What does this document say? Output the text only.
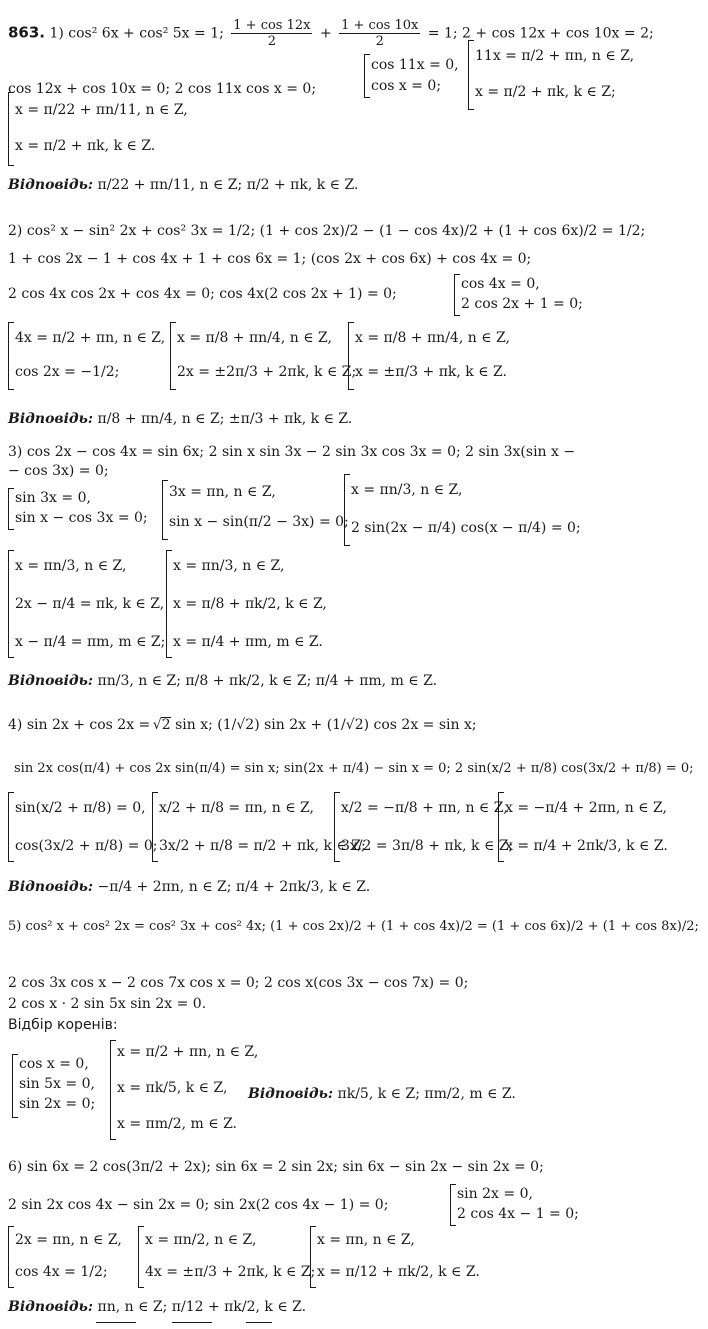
863. 1) cos² 6x + cos² 5x = 1; $\frac{1 + \cos 12x}{2} + \frac{1 + \cos 10x}{2} = 1$; 2 + cos 12x + cos 10x = 2;
cos 12x + cos 10x = 0; 2 cos 11x cos x = 0;
cos 11x = 0,
cos x = 0;
11x = π/2 + πn, n ∈ Z,
x = π/2 + πk, k ∈ Z;
x = π/22 + πn/11, n ∈ Z,
x = π/2 + πk, k ∈ Z.
Відповідь: π/22 + πn/11, n ∈ Z; π/2 + πk, k ∈ Z.
2) cos² x − sin² 2x + cos² 3x = 1/2; (1 + cos 2x)/2 − (1 − cos 4x)/2 + (1 + cos 6x)/2 = 1/2;
1 + cos 2x − 1 + cos 4x + 1 + cos 6x = 1; (cos 2x + cos 6x) + cos 4x = 0;
2 cos 4x cos 2x + cos 4x = 0; cos 4x(2 cos 2x + 1) = 0;
cos 4x = 0,
2 cos 2x + 1 = 0;
4x = π/2 + πn, n ∈ Z,
cos 2x = −1/2;
x = π/8 + πn/4, n ∈ Z,
2x = ±2π/3 + 2πk, k ∈ Z;
x = π/8 + πn/4, n ∈ Z,
x = ±π/3 + πk, k ∈ Z.
Відповідь: π/8 + πn/4, n ∈ Z; ±π/3 + πk, k ∈ Z.
3) cos 2x − cos 4x = sin 6x; 2 sin x sin 3x − 2 sin 3x cos 3x = 0; 2 sin 3x(sin x −
− cos 3x) = 0;
sin 3x = 0,
sin x − cos 3x = 0;
3x = πn, n ∈ Z,
sin x − sin(π/2 − 3x) = 0;
x = πn/3, n ∈ Z,
2 sin(2x − π/4) cos(x − π/4) = 0;
x = πn/3, n ∈ Z,
2x − π/4 = πk, k ∈ Z,
x − π/4 = πm, m ∈ Z;
x = πn/3, n ∈ Z,
x = π/8 + πk/2, k ∈ Z,
x = π/4 + πm, m ∈ Z.
Відповідь: πn/3, n ∈ Z; π/8 + πk/2, k ∈ Z; π/4 + πm, m ∈ Z.
4) sin 2x + cos 2x = √ 2 sin x; (1/√2) sin 2x + (1/√2) cos 2x = sin x;
sin 2x cos(π/4) + cos 2x sin(π/4) = sin x; sin(2x + π/4) − sin x = 0; 2 sin(x/2 + π/8) cos(3x/2 + π/8) = 0;
sin(x/2 + π/8) = 0,
cos(3x/2 + π/8) = 0;
x/2 + π/8 = πn, n ∈ Z,
3x/2 + π/8 = π/2 + πk, k ∈ Z;
x/2 = −π/8 + πn, n ∈ Z,
3x/2 = 3π/8 + πk, k ∈ Z;
x = −π/4 + 2πn, n ∈ Z,
x = π/4 + 2πk/3, k ∈ Z.
Відповідь: −π/4 + 2πn, n ∈ Z; π/4 + 2πk/3, k ∈ Z.
5) cos² x + cos² 2x = cos² 3x + cos² 4x; (1 + cos 2x)/2 + (1 + cos 4x)/2 = (1 + cos 6x)/2 + (1 + cos 8x)/2;
2 cos 3x cos x − 2 cos 7x cos x = 0; 2 cos x(cos 3x − cos 7x) = 0;
2 cos x · 2 sin 5x sin 2x = 0.
Відбір коренів:
cos x = 0,
sin 5x = 0,
sin 2x = 0;
x = π/2 + πn, n ∈ Z,
x = πk/5, k ∈ Z,
x = πm/2, m ∈ Z.
Відповідь: πk/5, k ∈ Z; πm/2, m ∈ Z.
6) sin 6x = 2 cos(3π/2 + 2x); sin 6x = 2 sin 2x; sin 6x − sin 2x − sin 2x = 0;
2 sin 2x cos 4x − sin 2x = 0; sin 2x(2 cos 4x − 1) = 0;
sin 2x = 0,
2 cos 4x − 1 = 0;
2x = πn, n ∈ Z,
cos 4x = 1/2;
x = πn/2, n ∈ Z,
4x = ±π/3 + 2πk, k ∈ Z;
x = πn, n ∈ Z,
x = π/12 + πk/2, k ∈ Z.
Відповідь: πn, n ∈ Z; π/12 + πk/2, k ∈ Z.
